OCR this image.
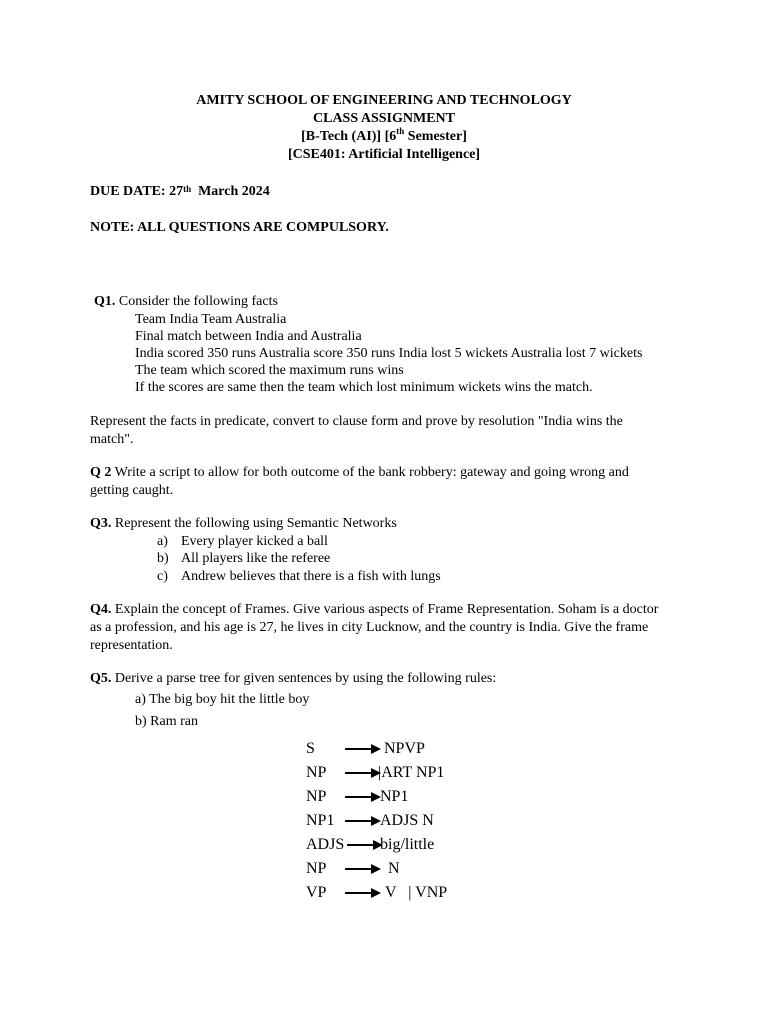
AMITY SCHOOL OF ENGINEERING AND TECHNOLOGY
CLASS ASSIGNMENT
[B-Tech (AI)] [6th Semester]
[CSE401: Artificial Intelligence]
DUE DATE: 27th  March 2024
NOTE: ALL QUESTIONS ARE COMPULSORY.
Q1. Consider the following facts
Team India Team Australia
Final match between India and Australia
India scored 350 runs Australia score 350 runs India lost 5 wickets Australia lost 7 wickets
The team which scored the maximum runs wins
If the scores are same then the team which lost minimum wickets wins the match.
Represent the facts in predicate, convert to clause form and prove by resolution "India wins the
match".
Q 2 Write a script to allow for both outcome of the bank robbery: gateway and going wrong and
getting caught.
Q3. Represent the following using Semantic Networks
a) Every player kicked a ball
b) All players like the referee
c) Andrew believes that there is a fish with lungs
Q4. Explain the concept of Frames. Give various aspects of Frame Representation. Soham is a doctor
as a profession, and his age is 27, he lives in city Lucknow, and the country is India. Give the frame
representation.
Q5. Derive a parse tree for given sentences by using the following rules:
a) The big boy hit the little boy
b) Ram ran
S	NPVP
NP	|ART NP1
NP	NP1
NP1	ADJS N
ADJS big/little
NP	N
VP	V   | VNP
